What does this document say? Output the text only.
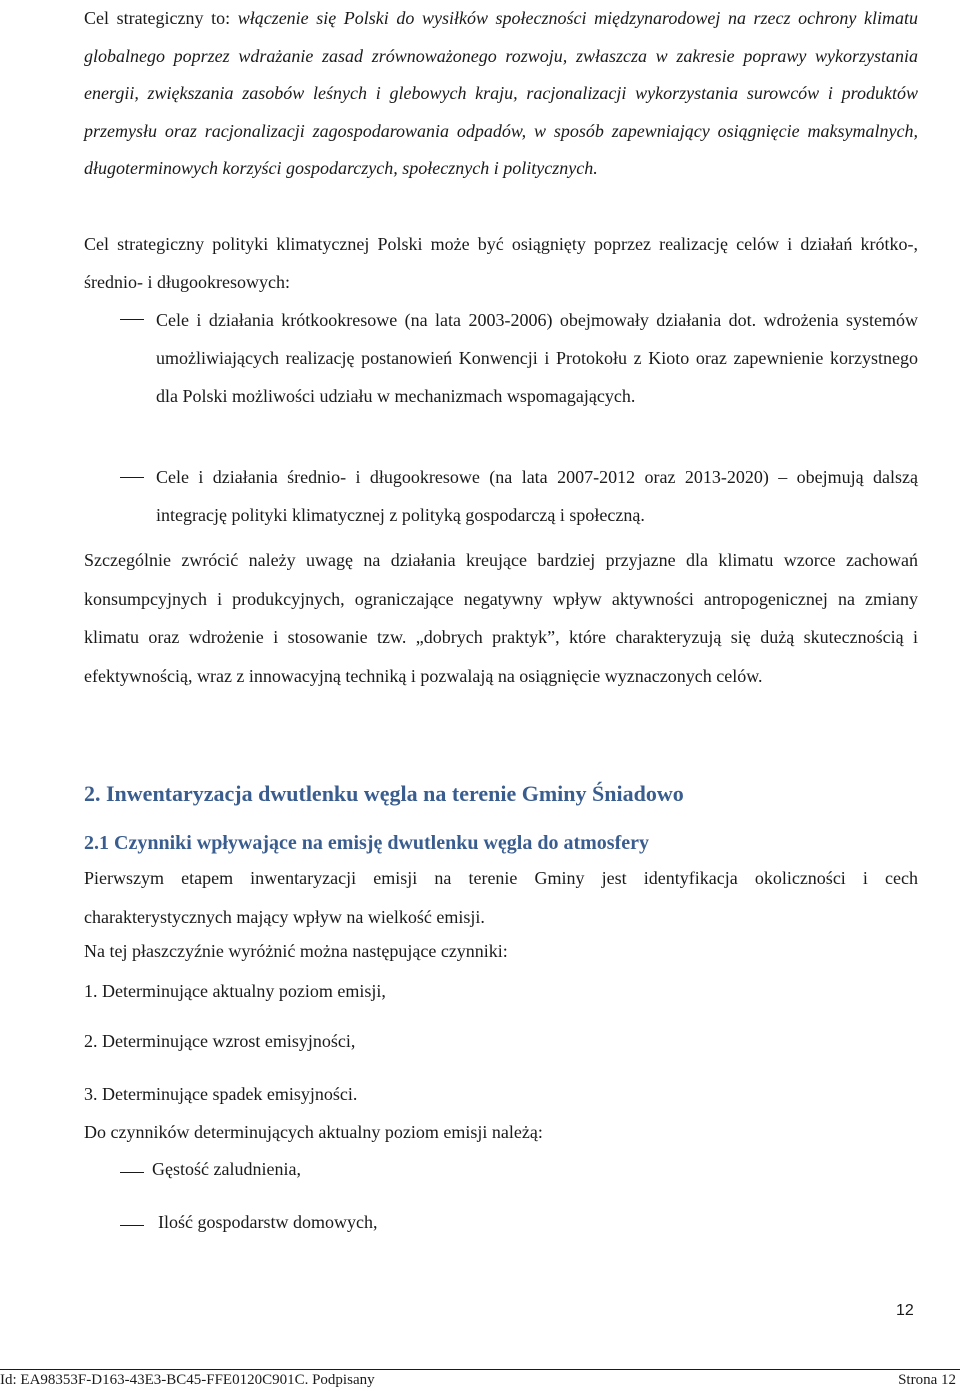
Cel strategiczny to: włączenie się Polski do wysiłków społeczności międzynarodowej na rzecz ochrony klimatu globalnego poprzez wdrażanie zasad zrównoważonego rozwoju, zwłaszcza w zakresie poprawy wykorzystania energii, zwiększania zasobów leśnych i glebowych kraju, racjonalizacji wykorzystania surowców i produktów przemysłu oraz racjonalizacji zagospodarowania odpadów, w sposób zapewniający osiągnięcie maksymalnych, długoterminowych korzyści gospodarczych, społecznych i politycznych.

Cel strategiczny polityki klimatycznej Polski może być osiągnięty poprzez realizację celów i działań krótko-, średnio- i długookresowych:

Cele i działania krótkookresowe (na lata 2003-2006) obejmowały działania dot. wdrożenia systemów umożliwiających realizację postanowień Konwencji i Protokołu z Kioto oraz zapewnienie korzystnego dla Polski możliwości udziału w mechanizmach wspomagających.

Cele i działania średnio- i długookresowe (na lata 2007-2012 oraz 2013-2020) – obejmują dalszą integrację polityki klimatycznej z polityką gospodarczą i społeczną.

Szczególnie zwrócić należy uwagę na działania kreujące bardziej przyjazne dla klimatu wzorce zachowań konsumpcyjnych i produkcyjnych, ograniczające negatywny wpływ aktywności antropogenicznej na zmiany klimatu oraz wdrożenie i stosowanie tzw. „dobrych praktyk”, które charakteryzują się dużą skutecznością i efektywnością, wraz z innowacyjną techniką i pozwalają na osiągnięcie wyznaczonych celów.

2. Inwentaryzacja dwutlenku węgla na terenie Gminy Śniadowo
2.1 Czynniki wpływające na emisję dwutlenku węgla do atmosfery

Pierwszym etapem inwentaryzacji emisji na terenie Gminy jest identyfikacja okoliczności i cech charakterystycznych mający wpływ na wielkość emisji.

Na tej płaszczyźnie wyróżnić można następujące czynniki:

1. Determinujące aktualny poziom emisji,

2. Determinujące wzrost emisyjności,

3. Determinujące spadek emisyjności.

Do czynników determinujących aktualny poziom emisji należą:

Gęstość zaludnienia,

Ilość gospodarstw domowych,

12

Id: EA98353F-D163-43E3-BC45-FFE0120C901C. Podpisany	Strona 12
